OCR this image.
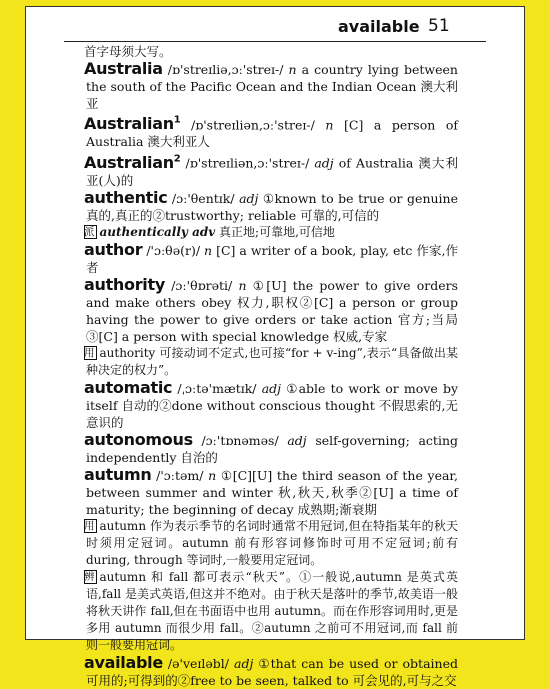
available 51

首字母须大写。

Australia /ɒ'streɪliə,ɔː'streɪ-/ n a country lying between the south of the Pacific Ocean and the Indian Ocean 澳大利亚

Australian$^1$ /ɒ'streɪliən,ɔː'streɪ-/ n [C] a person of Australia 澳大利亚人

Australian$^2$ /ɒ'streɪliən,ɔː'streɪ-/ adj of Australia 澳大利亚(人)的

authentic /ɔː'θentɪk/ adj ①known to be true or genuine 真的,真正的②trustworthy; reliable 可靠的,可信的
派 authentically adv 真正地;可靠地,可信地

author /'ɔːθə(r)/ n [C] a writer of a book, play, etc 作家,作者

authority /ɔː'θɒrəti/ n ①[U] the power to give orders and make others obey 权力,职权②[C] a person or group having the power to give orders or take action 官方;当局③[C] a person with special knowledge 权威,专家
用 authority 可接动词不定式,也可接“for + v-ing”,表示“具备做出某种决定的权力”。

automatic /ˌɔːtə'mætɪk/ adj ①able to work or move by itself 自动的②done without conscious thought 不假思索的,无意识的

autonomous /ɔː'tɒnəməs/ adj self-governing; acting independently 自治的

autumn /'ɔːtəm/ n ①[C][U] the third season of the year, between summer and winter 秋,秋天,秋季②[U] a time of maturity; the beginning of decay 成熟期;渐衰期
用 autumn 作为表示季节的名词时通常不用冠词,但在特指某年的秋天时须用定冠词。autumn 前有形容词修饰时可用不定冠词;前有 during, through 等词时,一般要用定冠词。
辨 autumn 和 fall 都可表示“秋天”。①一般说,autumn 是英式英语,fall 是美式英语,但这并不绝对。由于秋天是落叶的季节,故美语一般将秋天讲作 fall,但在书面语中也用 autumn。而在作形容词用时,更是多用 autumn 而很少用 fall。②autumn 之前可不用冠词,而 fall 前则一般要用冠词。

available /ə'veɪləbl/ adj ①that can be used or obtained 可用的;可得到的②free to be seen, talked to 可会见的,可与之交
